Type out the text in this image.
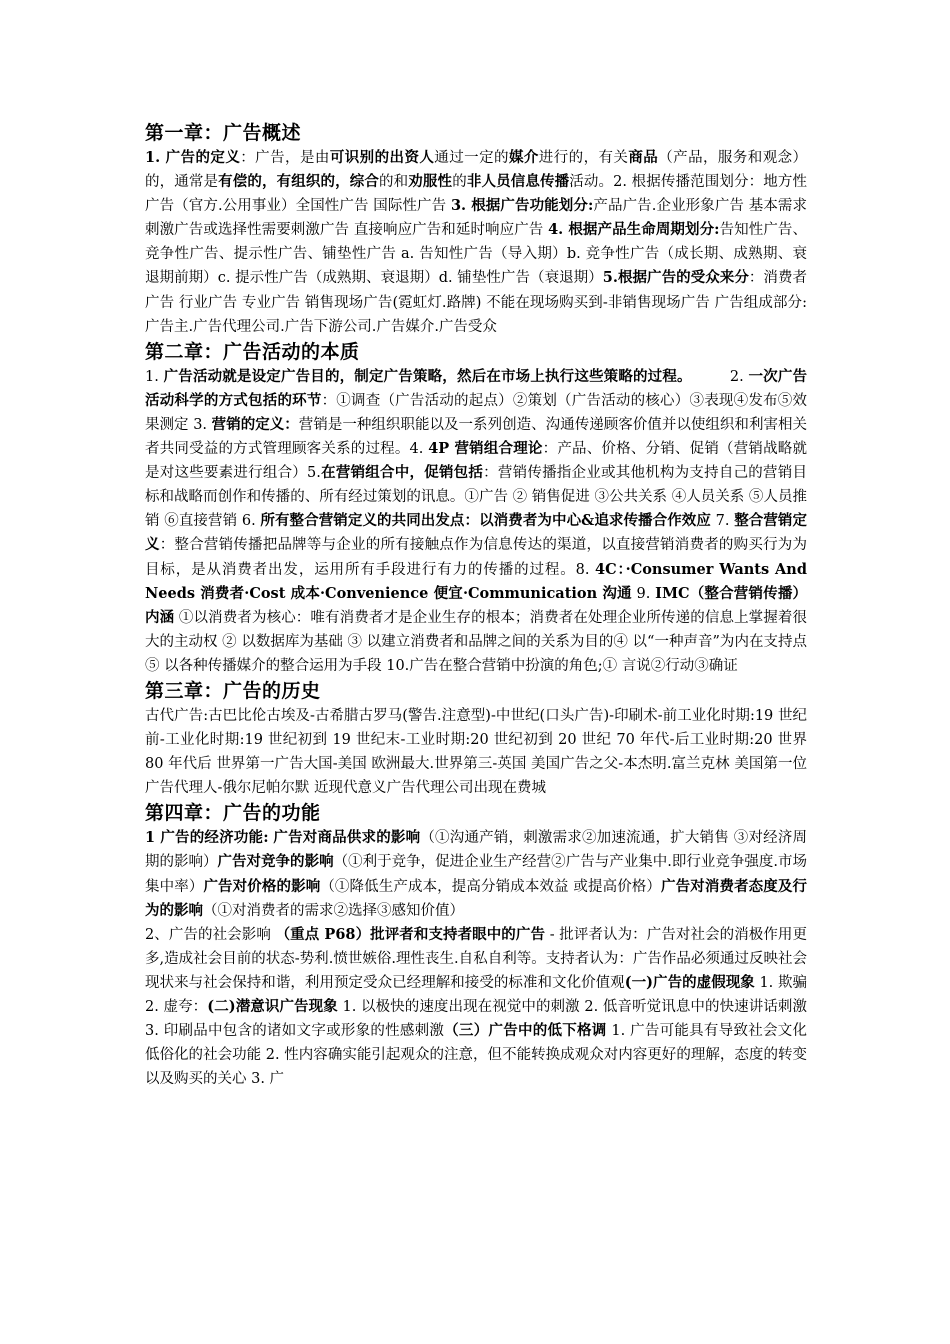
第一章：广告概述

1. 广告的定义：广告，是由可识别的出资人通过一定的媒介进行的，有关商品（产品，服务和观念）的，通常是有偿的，有组织的，综合的和劝服性的非人员信息传播活动。2. 根据传播范围划分：地方性广告（官方.公用事业）全国性广告 国际性广告 3. 根据广告功能划分:产品广告.企业形象广告 基本需求刺激广告或选择性需要刺激广告 直接响应广告和延时响应广告 4. 根据产品生命周期划分:告知性广告、竞争性广告、提示性广告、铺垫性广告 a. 告知性广告（导入期）b. 竞争性广告（成长期、成熟期、衰退期前期）c. 提示性广告（成熟期、衰退期）d. 铺垫性广告（衰退期）5.根据广告的受众来分：消费者广告 行业广告 专业广告 销售现场广告(霓虹灯.路牌) 不能在现场购买到-非销售现场广告 广告组成部分:广告主.广告代理公司.广告下游公司.广告媒介.广告受众

第二章：广告活动的本质

1. 广告活动就是设定广告目的，制定广告策略，然后在市场上执行这些策略的过程。        2. 一次广告活动科学的方式包括的环节：①调查（广告活动的起点）②策划（广告活动的核心）③表现④发布⑤效果测定 3. 营销的定义：营销是一种组织职能以及一系列创造、沟通传递顾客价值并以使组织和利害相关者共同受益的方式管理顾客关系的过程。4. 4P 营销组合理论：产品、价格、分销、促销（营销战略就是对这些要素进行组合）5.在营销组合中，促销包括：营销传播指企业或其他机构为支持自己的营销目标和战略而创作和传播的、所有经过策划的讯息。①广告 ② 销售促进 ③公共关系 ④人员关系 ⑤人员推销 ⑥直接营销 6. 所有整合营销定义的共同出发点：以消费者为中心&追求传播合作效应 7. 整合营销定义：整合营销传播把品牌等与企业的所有接触点作为信息传达的渠道，以直接营销消费者的购买行为为目标，是从消费者出发，运用所有手段进行有力的传播的过程。8. 4C：·Consumer Wants And Needs 消费者·Cost 成本·Convenience 便宜·Communication 沟通 9. IMC（整合营销传播）内涵 ①以消费者为核心：唯有消费者才是企业生存的根本；消费者在处理企业所传递的信息上掌握着很大的主动权 ② 以数据库为基础 ③ 以建立消费者和品牌之间的关系为目的④ 以“一种声音”为内在支持点⑤ 以各种传播媒介的整合运用为手段 10.广告在整合营销中扮演的角色;① 言说②行动③确证

第三章：广告的历史

古代广告:古巴比伦古埃及-古希腊古罗马(警告.注意型)-中世纪(口头广告)-印刷术-前工业化时期:19 世纪前-工业化时期:19 世纪初到 19 世纪末-工业时期:20 世纪初到 20 世纪 70 年代-后工业时期:20 世界 80 年代后 世界第一广告大国-美国 欧洲最大.世界第三-英国 美国广告之父-本杰明.富兰克林 美国第一位广告代理人-俄尔尼帕尔默 近现代意义广告代理公司出现在费城

第四章：广告的功能

1 广告的经济功能: 广告对商品供求的影响（①沟通产销，刺激需求②加速流通，扩大销售 ③对经济周期的影响）广告对竞争的影响（①利于竞争，促进企业生产经营②广告与产业集中.即行业竞争强度.市场集中率）广告对价格的影响（①降低生产成本，提高分销成本效益 或提高价格）广告对消费者态度及行为的影响（①对消费者的需求②选择③感知价值）

2、广告的社会影响 （重点 P68）批评者和支持者眼中的广告 - 批评者认为：广告对社会的消极作用更多,造成社会目前的状态-势利.愤世嫉俗.理性丧生.自私自利等。支持者认为：广告作品必须通过反映社会现状来与社会保持和谐，利用预定受众已经理解和接受的标准和文化价值观(一)广告的虚假现象 1. 欺骗 2. 虚夸：(二)潜意识广告现象 1. 以极快的速度出现在视觉中的刺激 2. 低音听觉讯息中的快速讲话刺激 3. 印刷品中包含的诸如文字或形象的性感刺激（三）广告中的低下格调 1. 广告可能具有导致社会文化低俗化的社会功能 2. 性内容确实能引起观众的注意，但不能转换成观众对内容更好的理解，态度的转变以及购买的关心 3. 广
